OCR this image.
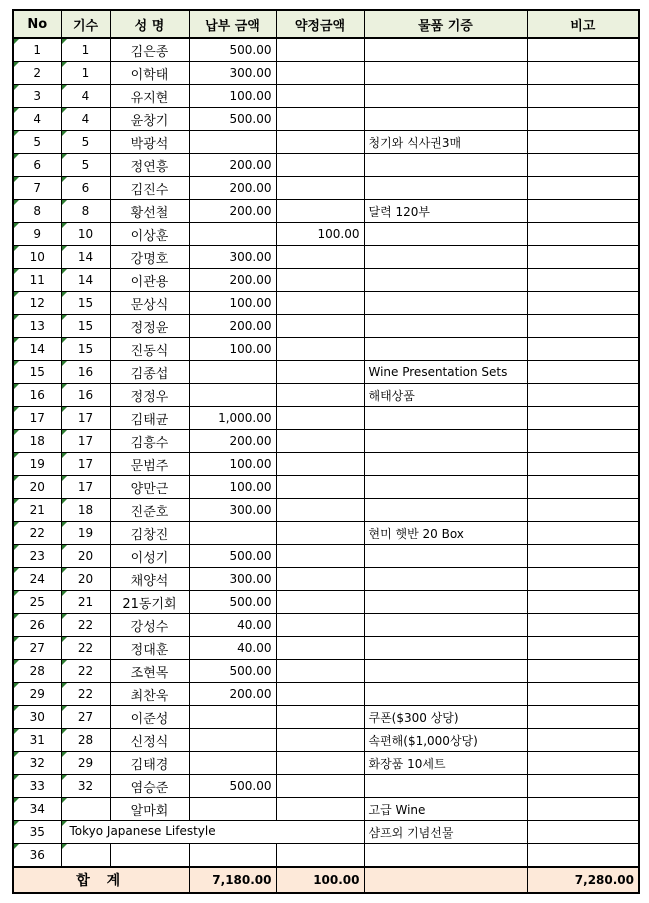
No	기수	성 명	납부 금액	약정금액	물품 기증	비고
1	1	김은종	500.00			
2	1	이학태	300.00			
3	4	유지현	100.00			
4	4	윤창기	500.00			
5	5	박광석			청기와 식사권3매	
6	5	정연흥	200.00			
7	6	김진수	200.00			
8	8	황선철	200.00		달력 120부	
9	10	이상훈		100.00		
10	14	강명호	300.00			
11	14	이관용	200.00			
12	15	문상식	100.00			
13	15	정정윤	200.00			
14	15	진동식	100.00			
15	16	김종섭			Wine Presentation Sets	
16	16	정정우			해태상품	
17	17	김태균	1,000.00			
18	17	김흥수	200.00			
19	17	문범주	100.00			
20	17	양만근	100.00			
21	18	진준호	300.00			
22	19	김창진			현미 햇반 20 Box	
23	20	이성기	500.00			
24	20	채양석	300.00			
25	21	21동기회	500.00			
26	22	강성수	40.00			
27	22	정대훈	40.00			
28	22	조현목	500.00			
29	22	최찬욱	200.00			
30	27	이준성			쿠폰($300 상당)	
31	28	신정식			속편해($1,000상당)	
32	29	김태경			화장품 10세트	
33	32	염승준	500.00			
34		알마회			고급 Wine	
35	Tokyo Japanese Lifestyle				샴프외 기념선물	
36						
합 계			7,180.00	100.00		7,280.00
